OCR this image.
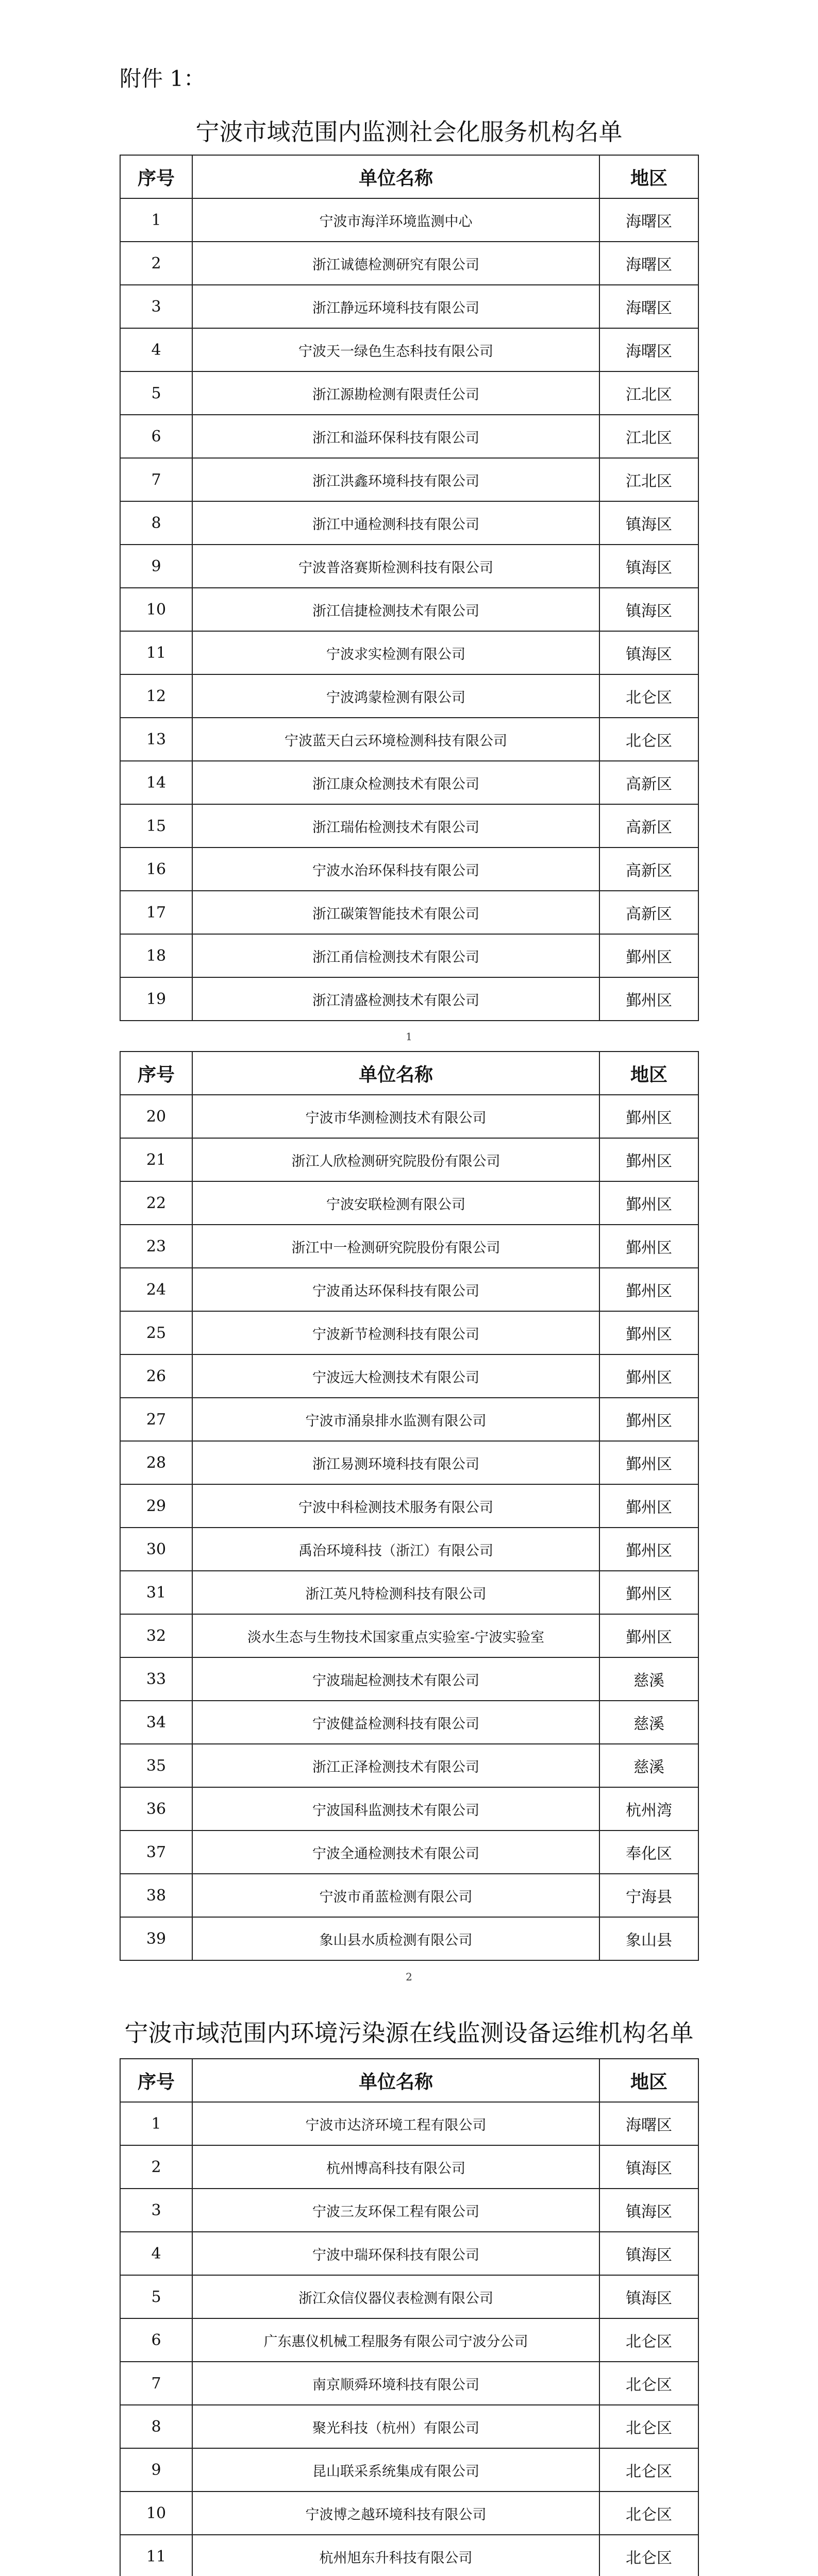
附件 1：
宁波市域范围内监测社会化服务机构名单
序号	单位名称	地区
1	宁波市海洋环境监测中心	海曙区
2	浙江诚德检测研究有限公司	海曙区
3	浙江静远环境科技有限公司	海曙区
4	宁波天一绿色生态科技有限公司	海曙区
5	浙江源勘检测有限责任公司	江北区
6	浙江和溢环保科技有限公司	江北区
7	浙江洪鑫环境科技有限公司	江北区
8	浙江中通检测科技有限公司	镇海区
9	宁波普洛赛斯检测科技有限公司	镇海区
10	浙江信捷检测技术有限公司	镇海区
11	宁波求实检测有限公司	镇海区
12	宁波鸿蒙检测有限公司	北仑区
13	宁波蓝天白云环境检测科技有限公司	北仑区
14	浙江康众检测技术有限公司	高新区
15	浙江瑞佑检测技术有限公司	高新区
16	宁波水治环保科技有限公司	高新区
17	浙江碳策智能技术有限公司	高新区
18	浙江甬信检测技术有限公司	鄞州区
19	浙江清盛检测技术有限公司	鄞州区
1
序号	单位名称	地区
20	宁波市华测检测技术有限公司	鄞州区
21	浙江人欣检测研究院股份有限公司	鄞州区
22	宁波安联检测有限公司	鄞州区
23	浙江中一检测研究院股份有限公司	鄞州区
24	宁波甬达环保科技有限公司	鄞州区
25	宁波新节检测科技有限公司	鄞州区
26	宁波远大检测技术有限公司	鄞州区
27	宁波市涌泉排水监测有限公司	鄞州区
28	浙江易测环境科技有限公司	鄞州区
29	宁波中科检测技术服务有限公司	鄞州区
30	禹治环境科技（浙江）有限公司	鄞州区
31	浙江英凡特检测科技有限公司	鄞州区
32	淡水生态与生物技术国家重点实验室-宁波实验室	鄞州区
33	宁波瑞起检测技术有限公司	慈溪
34	宁波健益检测科技有限公司	慈溪
35	浙江正泽检测技术有限公司	慈溪
36	宁波国科监测技术有限公司	杭州湾
37	宁波全通检测技术有限公司	奉化区
38	宁波市甬蓝检测有限公司	宁海县
39	象山县水质检测有限公司	象山县
2
宁波市域范围内环境污染源在线监测设备运维机构名单
序号	单位名称	地区
1	宁波市达济环境工程有限公司	海曙区
2	杭州博高科技有限公司	镇海区
3	宁波三友环保工程有限公司	镇海区
4	宁波中瑞环保科技有限公司	镇海区
5	浙江众信仪器仪表检测有限公司	镇海区
6	广东惠仪机械工程服务有限公司宁波分公司	北仑区
7	南京顺舜环境科技有限公司	北仑区
8	聚光科技（杭州）有限公司	北仑区
9	昆山联采系统集成有限公司	北仑区
10	宁波博之越环境科技有限公司	北仑区
11	杭州旭东升科技有限公司	北仑区
